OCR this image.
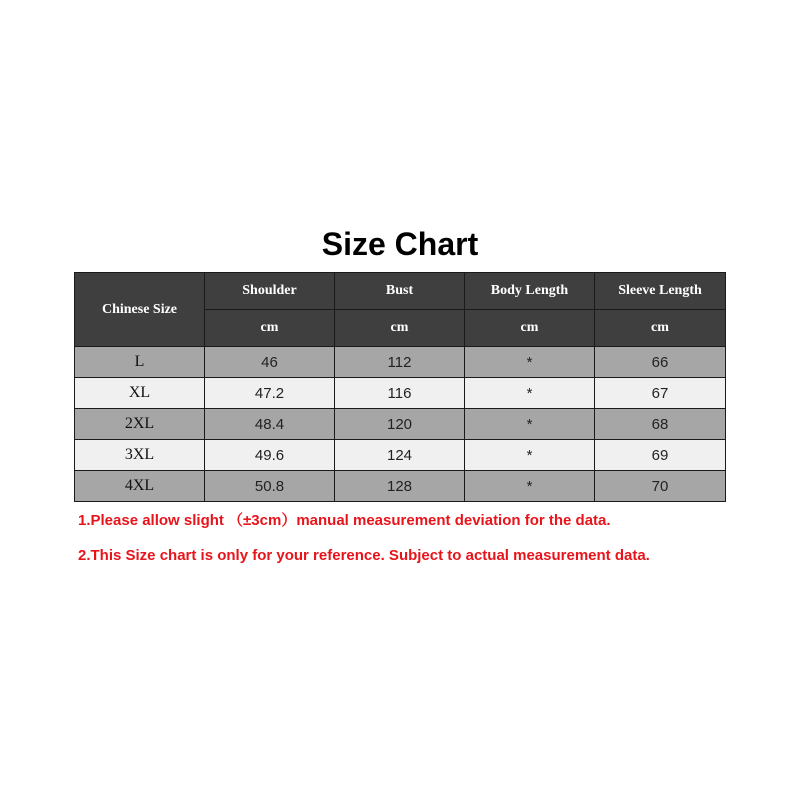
Size Chart
Chinese Size	Shoulder	Bust	Body Length	Sleeve Length
	cm	cm	cm	cm
L	46	112	*	66
XL	47.2	116	*	67
2XL	48.4	120	*	68
3XL	49.6	124	*	69
4XL	50.8	128	*	70
1.Please allow slight （±3cm）manual measurement deviation for the data.
2.This Size chart is only for your reference. Subject to actual measurement data.
